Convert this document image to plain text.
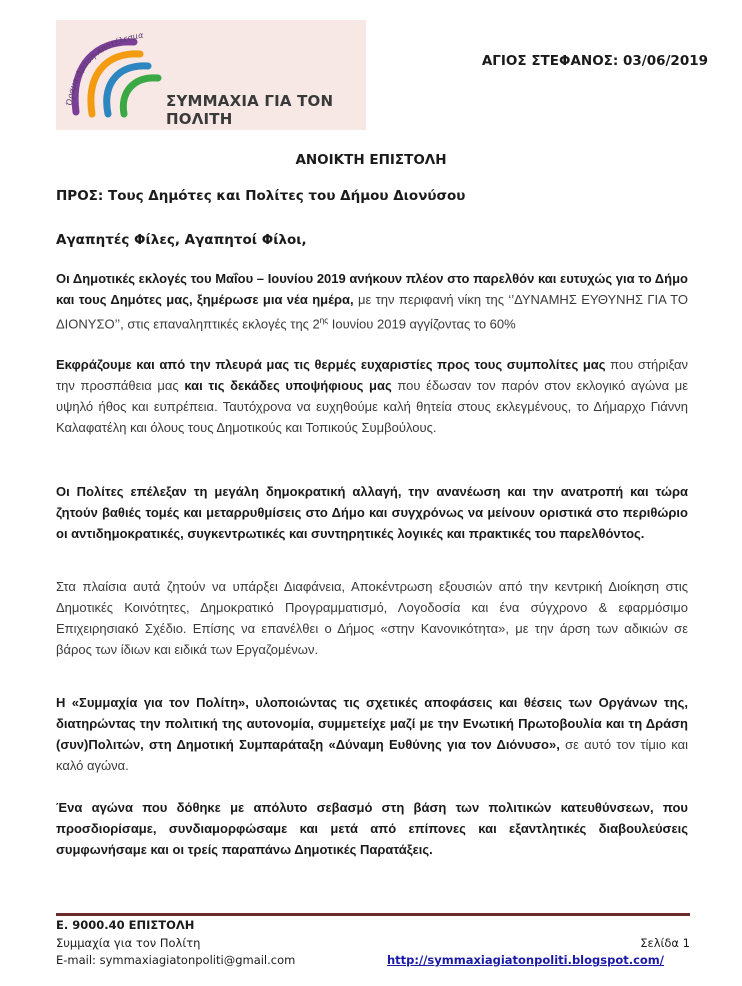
Όραμα-Δράση-Αποτέλεσμα
ΣΥΜΜΑΧΙΑ ΓΙΑ ΤΟΝ ΠΟΛΙΤΗ
ΑΓΙΟΣ ΣΤΕΦΑΝΟΣ: 03/06/2019
ΑΝΟΙΚΤΗ ΕΠΙΣΤΟΛΗ
ΠΡΟΣ: Τους Δημότες και Πολίτες του Δήμου Διονύσου
Αγαπητές Φίλες, Αγαπητοί Φίλοι,
Οι Δημοτικές εκλογές του Μαΐου – Ιουνίου 2019 ανήκουν πλέον στο παρελθόν και ευτυχώς για το Δήμο και τους Δημότες μας, ξημέρωσε μια νέα ημέρα, με την περιφανή νίκη της ‘’ΔΥΝΑΜΗΣ ΕΥΘΥΝΗΣ ΓΙΑ ΤΟ ΔΙΟΝΥΣΟ’’, στις επαναληπτικές εκλογές της $2^{\eta\varsigma}$ Ιουνίου 2019 αγγίζοντας το 60%
Εκφράζουμε και από την πλευρά μας τις θερμές ευχαριστίες προς τους συμπολίτες μας που στήριξαν την προσπάθεια μας και τις δεκάδες υποψήφιους μας που έδωσαν τον παρόν στον εκλογικό αγώνα με υψηλό ήθος και ευπρέπεια. Ταυτόχρονα να ευχηθούμε καλή θητεία στους εκλεγμένους, το Δήμαρχο Γιάννη Καλαφατέλη και όλους τους Δημοτικούς και Τοπικούς Συμβούλους.
Οι Πολίτες επέλεξαν τη μεγάλη δημοκρατική αλλαγή, την ανανέωση και την ανατροπή και τώρα ζητούν βαθιές τομές και μεταρρυθμίσεις στο Δήμο και συγχρόνως να μείνουν οριστικά στο περιθώριο οι αντιδημοκρατικές, συγκεντρωτικές και συντηρητικές λογικές και πρακτικές του παρελθόντος.
Στα πλαίσια αυτά ζητούν να υπάρξει Διαφάνεια, Αποκέντρωση εξουσιών από την κεντρική Διοίκηση στις Δημοτικές Κοινότητες, Δημοκρατικό Προγραμματισμό, Λογοδοσία και ένα σύγχρονο & εφαρμόσιμο Επιχειρησιακό Σχέδιο. Επίσης να επανέλθει ο Δήμος «στην Κανονικότητα», με την άρση των αδικιών σε βάρος των ίδιων και ειδικά των Εργαζομένων.
Η «Συμμαχία για τον Πολίτη», υλοποιώντας τις σχετικές αποφάσεις και θέσεις των Οργάνων της, διατηρώντας την πολιτική της αυτονομία, συμμετείχε μαζί με την Ενωτική Πρωτοβουλία και τη Δράση (συν)Πολιτών, στη Δημοτική Συμπαράταξη «Δύναμη Ευθύνης για τον Διόνυσο», σε αυτό τον τίμιο και καλό αγώνα.
Ένα αγώνα που δόθηκε με απόλυτο σεβασμό στη βάση των πολιτικών κατευθύνσεων, που προσδιορίσαμε, συνδιαμορφώσαμε και μετά από επίπονες και εξαντλητικές διαβουλεύσεις συμφωνήσαμε και οι τρείς παραπάνω Δημοτικές Παρατάξεις.
Ε. 9000.40 ΕΠΙΣΤΟΛΗ
Συμμαχία για τον Πολίτη	Σελίδα 1
E-mail: symmaxiagiatonpoliti@gmail.com	http://symmaxiagiatonpoliti.blogspot.com/
